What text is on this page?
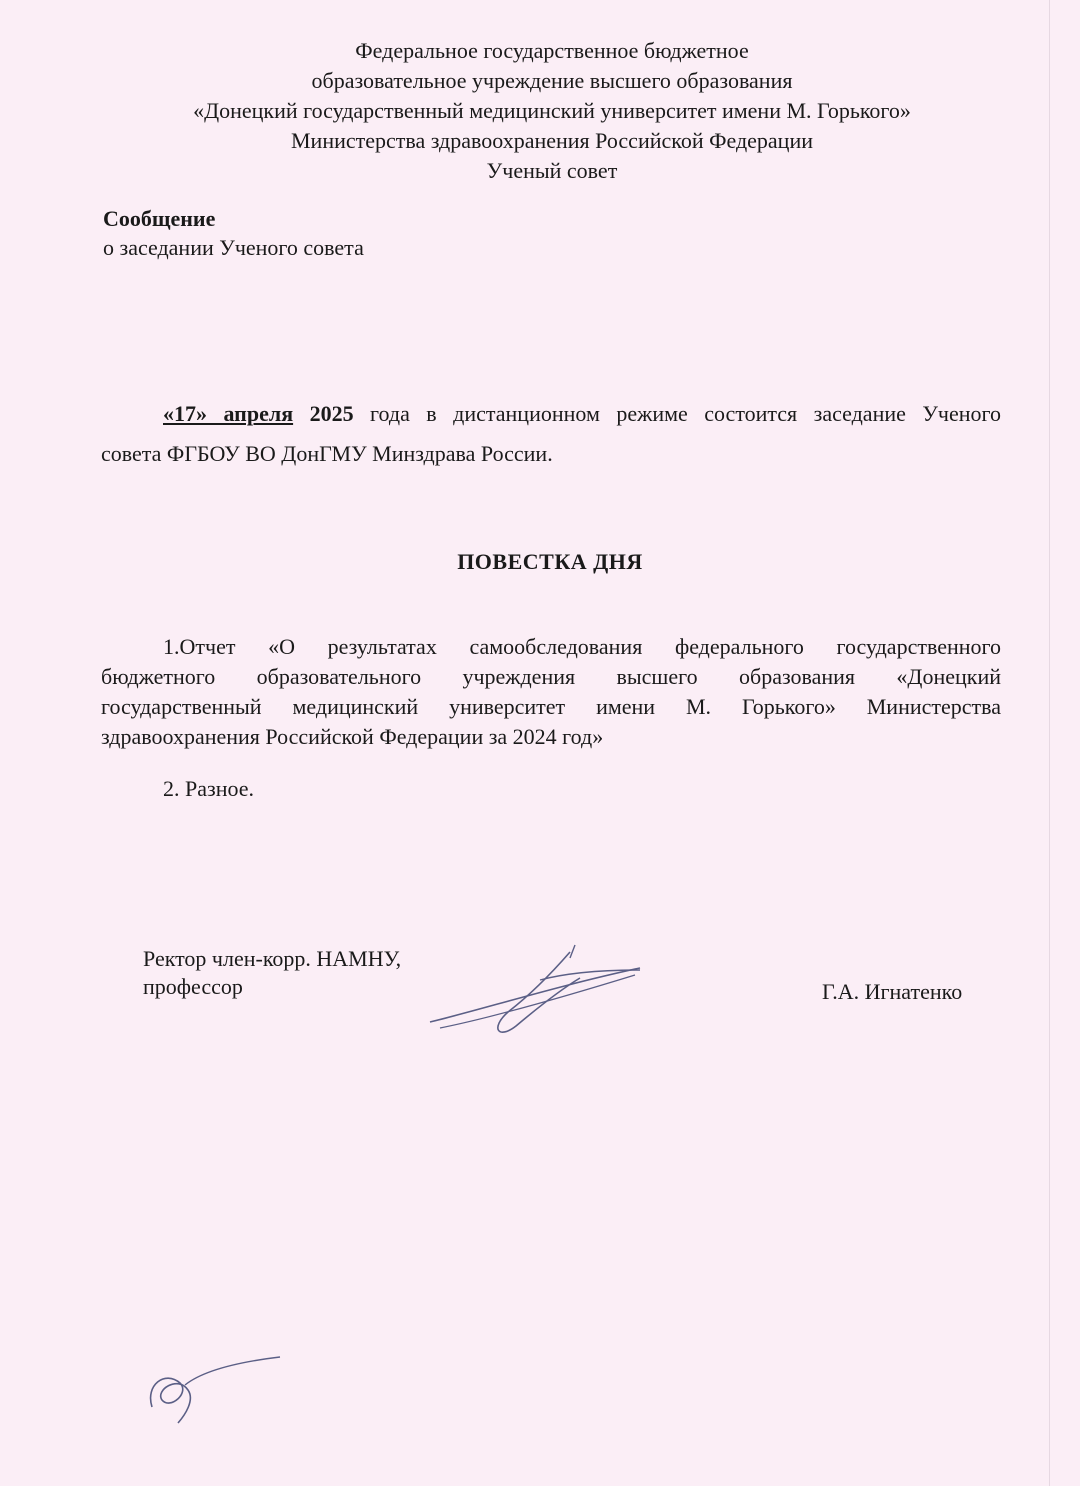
Федеральное государственное бюджетное
образовательное учреждение высшего образования
«Донецкий государственный медицинский университет имени М. Горького»
Министерства здравоохранения Российской Федерации
Ученый совет
Сообщение
о заседании Ученого совета
«17» апреля 2025 года в дистанционном режиме состоится заседание Ученого
совета ФГБОУ ВО ДонГМУ Минздрава России.
ПОВЕСТКА ДНЯ
1.Отчет «О результатах самообследования федерального государственного
бюджетного образовательного учреждения высшего образования «Донецкий
государственный медицинский университет имени М. Горького» Министерства
здравоохранения Российской Федерации за 2024 год»
2. Разное.
Ректор член-корр. НАМНУ,
профессор	Г.А. Игнатенко
